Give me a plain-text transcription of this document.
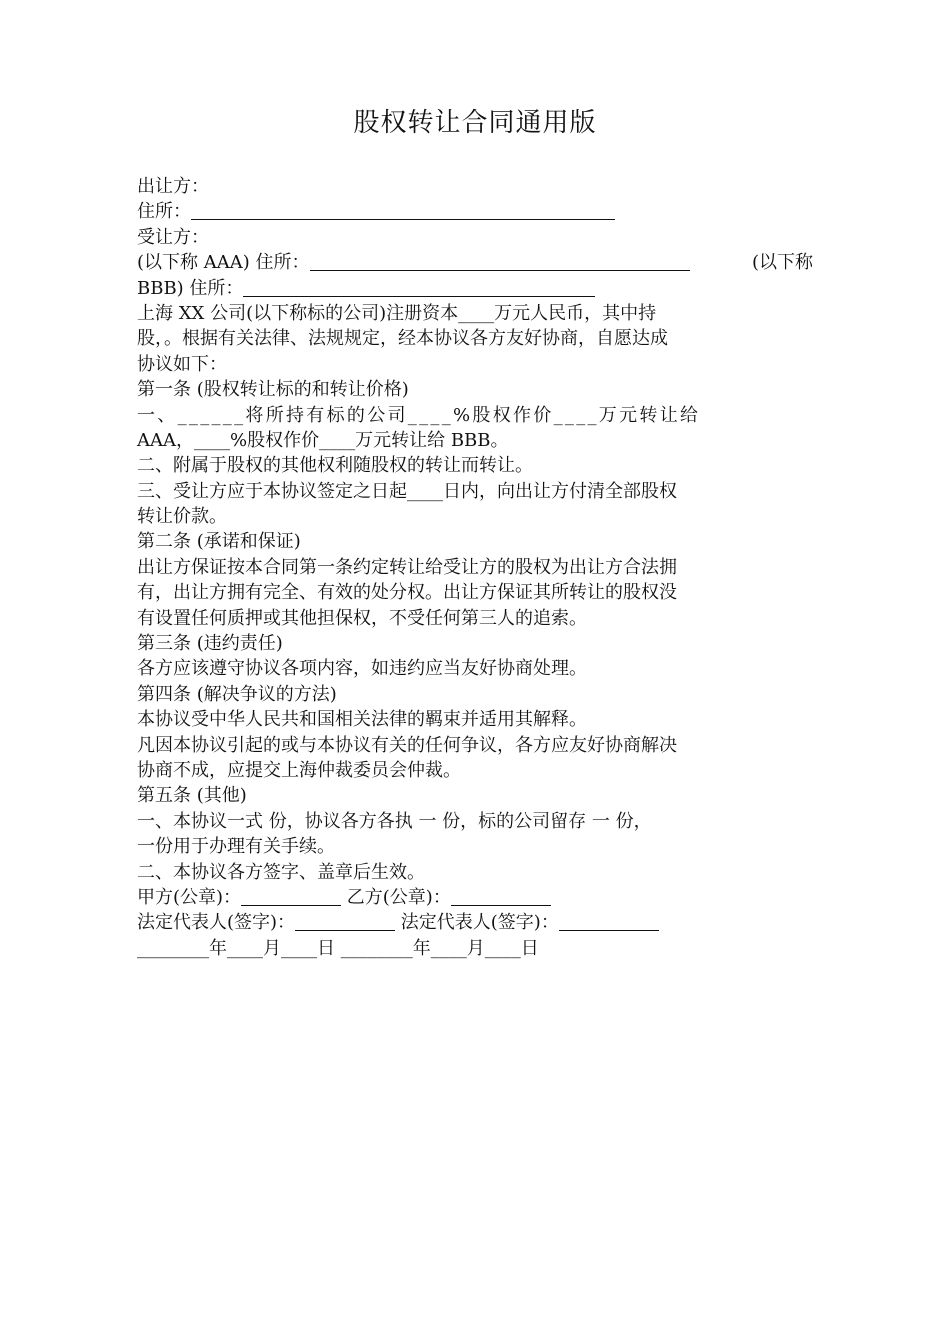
股权转让合同通用版
出让方：
住所：
受让方：
(以下称 AAA) 住所：	(以下称
BBB) 住所：
上海 XX 公司(以下称标的公司)注册资本____万元人民币，其中持
股，。根据有关法律、法规规定，经本协议各方友好协商，自愿达成
协议如下：
第一条 (股权转让标的和转让价格)
一、______将所持有标的公司____%股权作价____万元转让给
AAA，____%股权作价____万元转让给 BBB。
二、附属于股权的其他权利随股权的转让而转让。
三、受让方应于本协议签定之日起____日内，向出让方付清全部股权
转让价款。
第二条 (承诺和保证)
出让方保证按本合同第一条约定转让给受让方的股权为出让方合法拥
有，出让方拥有完全、有效的处分权。出让方保证其所转让的股权没
有设置任何质押或其他担保权，不受任何第三人的追索。
第三条 (违约责任)
各方应该遵守协议各项内容，如违约应当友好协商处理。
第四条 (解决争议的方法)
本协议受中华人民共和国相关法律的羁束并适用其解释。
凡因本协议引起的或与本协议有关的任何争议，各方应友好协商解决
协商不成，应提交上海仲裁委员会仲裁。
第五条 (其他)
一、本协议一式 份，协议各方各执 一 份，标的公司留存 一 份，
一份用于办理有关手续。
二、本协议各方签字、盖章后生效。
甲方(公章)：	乙方(公章)：
法定代表人(签字)：	法定代表人(签字)：
________年____月____日 ________年____月____日
